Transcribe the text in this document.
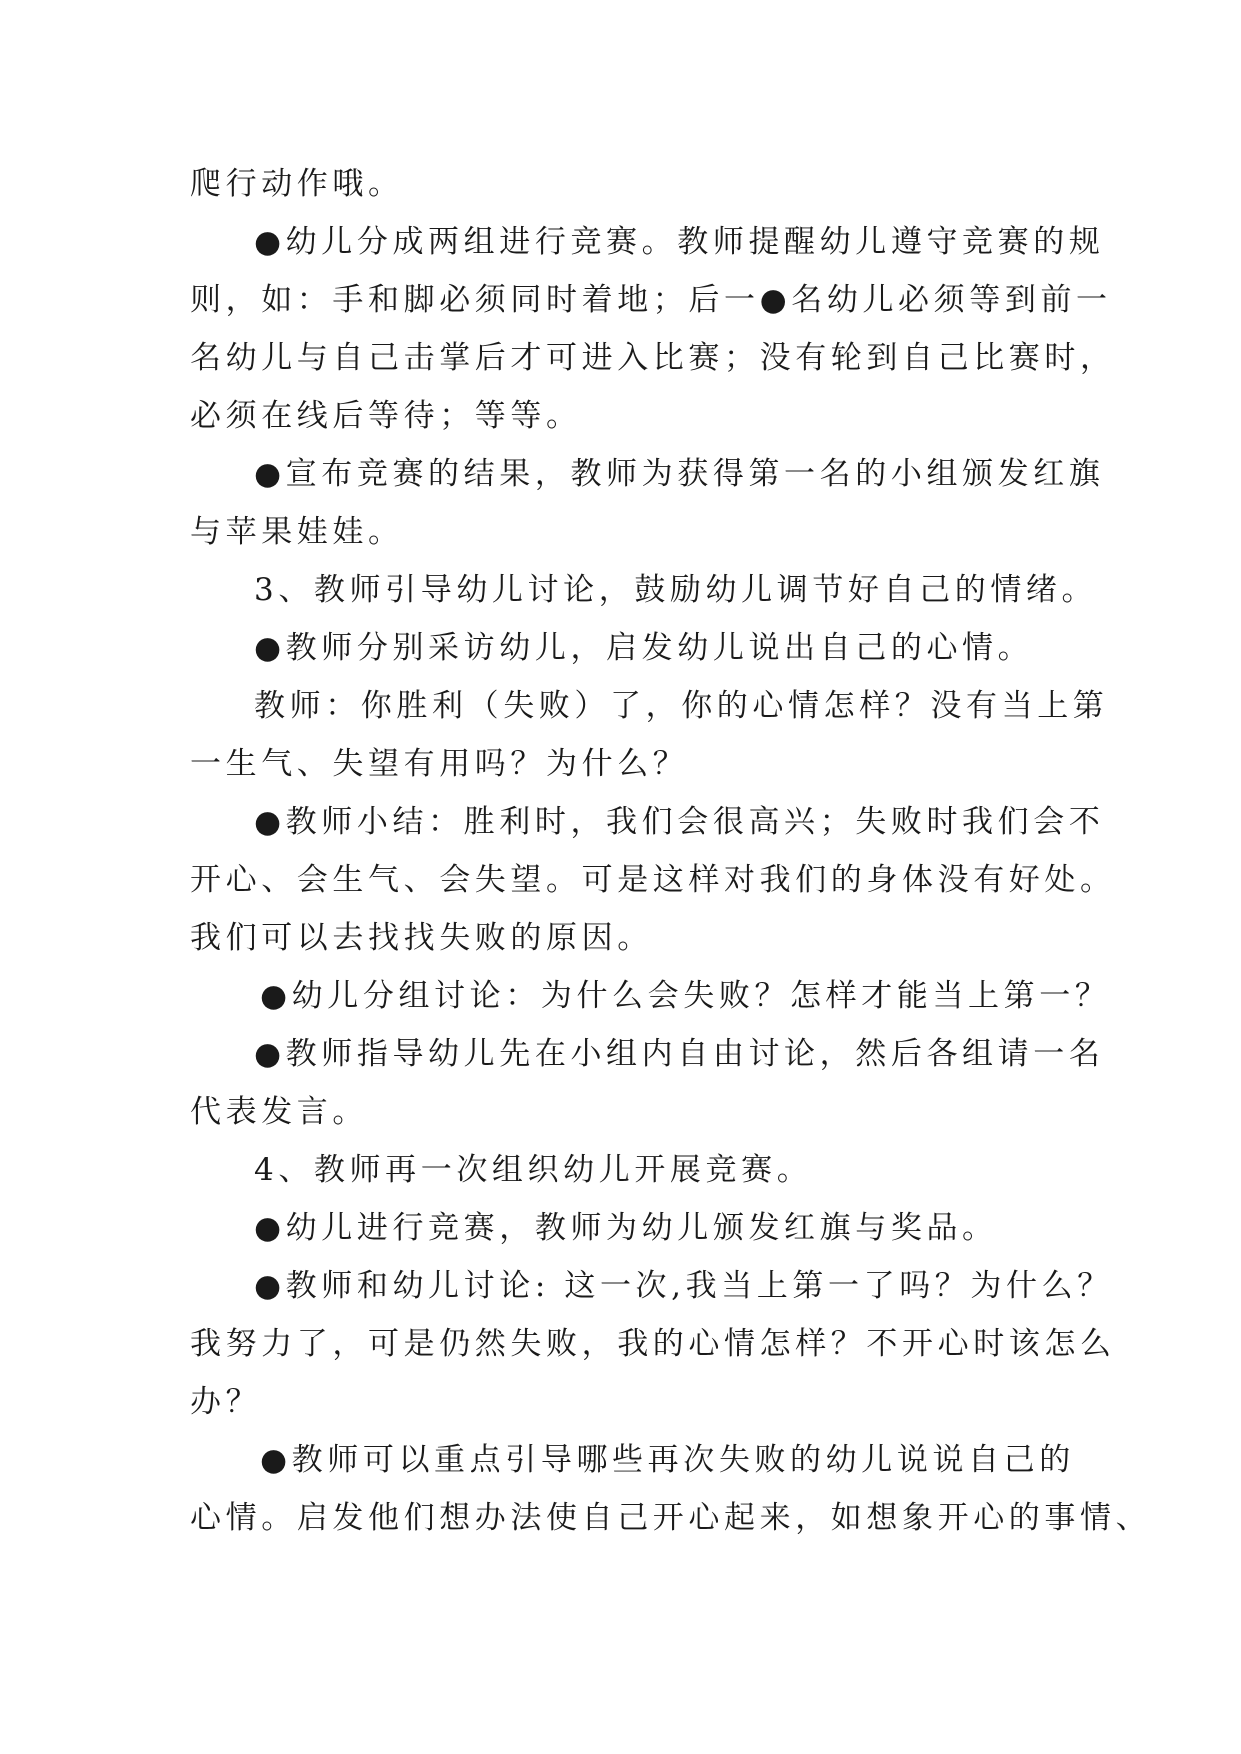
爬行动作哦。
●幼儿分成两组进行竞赛。教师提醒幼儿遵守竞赛的规
则，如：手和脚必须同时着地；后一●名幼儿必须等到前一
名幼儿与自己击掌后才可进入比赛；没有轮到自己比赛时，
必须在线后等待；等等。
●宣布竞赛的结果，教师为获得第一名的小组颁发红旗
与苹果娃娃。
3、教师引导幼儿讨论，鼓励幼儿调节好自己的情绪。
●教师分别采访幼儿，启发幼儿说出自己的心情。
教师：你胜利（失败）了，你的心情怎样？没有当上第
一生气、失望有用吗？为什么？
●教师小结：胜利时，我们会很高兴；失败时我们会不
开心、会生气、会失望。可是这样对我们的身体没有好处。
我们可以去找找失败的原因。
●幼儿分组讨论：为什么会失败？怎样才能当上第一？
●教师指导幼儿先在小组内自由讨论，然后各组请一名
代表发言。
4、教师再一次组织幼儿开展竞赛。
●幼儿进行竞赛，教师为幼儿颁发红旗与奖品。
●教师和幼儿讨论: 这一次,我当上第一了吗？为什么？
我努力了，可是仍然失败，我的心情怎样？不开心时该怎么
办？
●教师可以重点引导哪些再次失败的幼儿说说自己的
心情。启发他们想办法使自己开心起来，如想象开心的事情、
